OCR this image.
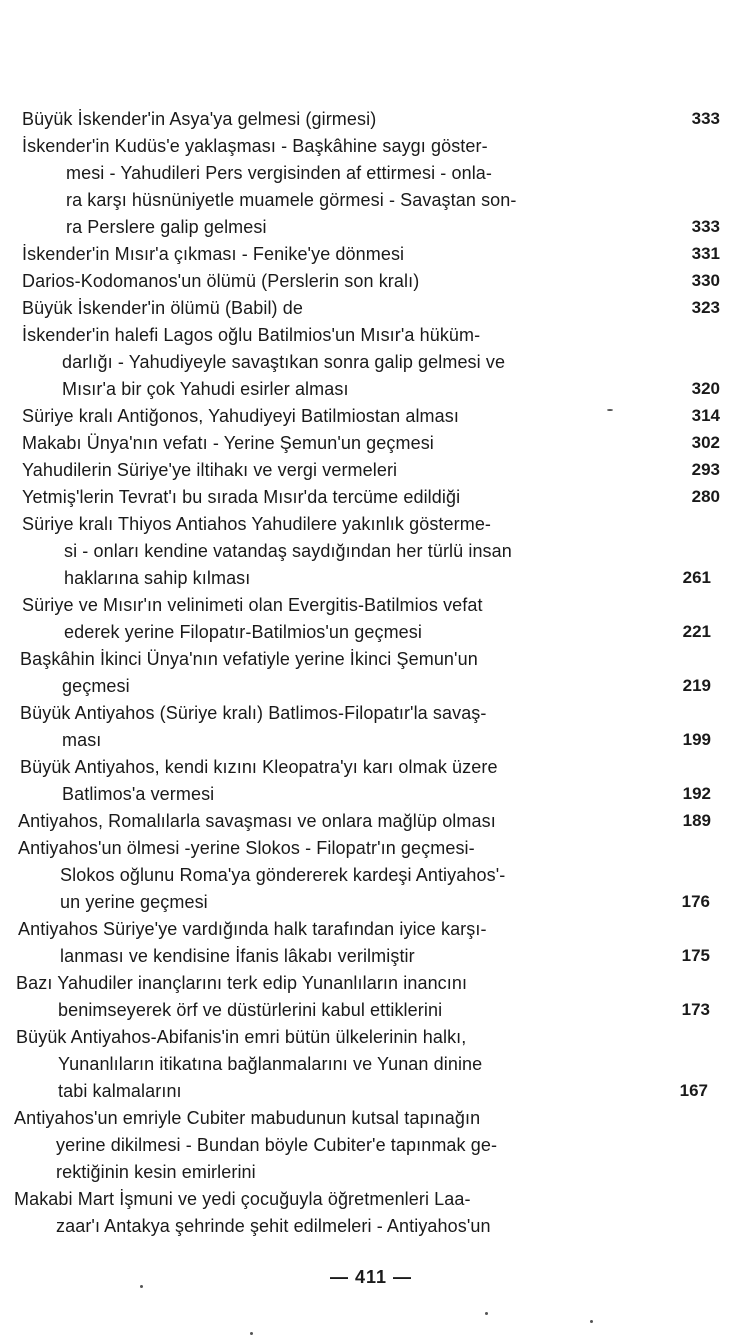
Büyük İskender'in Asya'ya gelmesi (girmesi)	333
İskender'in Kudüs'e yaklaşması - Başkâhine saygı göster-
mesi - Yahudileri Pers vergisinden af ettirmesi - onla-
ra karşı hüsnüniyetle muamele görmesi - Savaştan son-
ra Perslere galip gelmesi	333
İskender'in Mısır'a çıkması - Fenike'ye dönmesi	331
Darios-Kodomanos'un ölümü (Perslerin son kralı)	330
Büyük İskender'in ölümü (Babil) de	323
İskender'in halefi Lagos oğlu Batilmios'un Mısır'a hüküm-
darlığı - Yahudiyeyle savaştıkan sonra galip gelmesi ve
Mısır'a bir çok Yahudi esirler alması	320
Süriye kralı Antiğonos, Yahudiyeyi Batilmiostan alması	314
Makabı Ünya'nın vefatı - Yerine Şemun'un geçmesi	302
Yahudilerin Süriye'ye iltihakı ve vergi vermeleri	293
Yetmiş'lerin Tevrat'ı bu sırada Mısır'da tercüme edildiği	280
Süriye kralı Thiyos Antiahos Yahudilere yakınlık gösterme-
si - onları kendine vatandaş saydığından her türlü insan
haklarına sahip kılması	261
Süriye ve Mısır'ın velinimeti olan Evergitis-Batilmios vefat
ederek yerine Filopatır-Batilmios'un geçmesi	221
Başkâhin İkinci Ünya'nın vefatiyle yerine İkinci Şemun'un
geçmesi	219
Büyük Antiyahos (Süriye kralı) Batlimos-Filopatır'la savaş-
ması	199
Büyük Antiyahos, kendi kızını Kleopatra'yı karı olmak üzere
Batlimos'a vermesi	192
Antiyahos, Romalılarla savaşması ve onlara mağlüp olması	189
Antiyahos'un ölmesi -yerine Slokos - Filopatr'ın geçmesi-
Slokos oğlunu Roma'ya göndererek kardeşi Antiyahos'-
un yerine geçmesi	176
Antiyahos Süriye'ye vardığında halk tarafından iyice karşı-
lanması ve kendisine İfanis lâkabı verilmiştir	175
Bazı Yahudiler inançlarını terk edip Yunanlıların inancını
benimseyerek örf ve düstürlerini kabul ettiklerini	173
Büyük Antiyahos-Abifanis'in emri bütün ülkelerinin halkı,
Yunanlıların itikatına bağlanmalarını ve Yunan dinine
tabi kalmalarını	167
Antiyahos'un emriyle Cubiter mabudunun kutsal tapınağın
yerine dikilmesi - Bundan böyle Cubiter'e tapınmak ge-
rektiğinin kesin emirlerini
Makabi Mart İşmuni ve yedi çocuğuyla öğretmenleri Laa-
zaar'ı Antakya şehrinde şehit edilmeleri - Antiyahos'un
— 411 —
